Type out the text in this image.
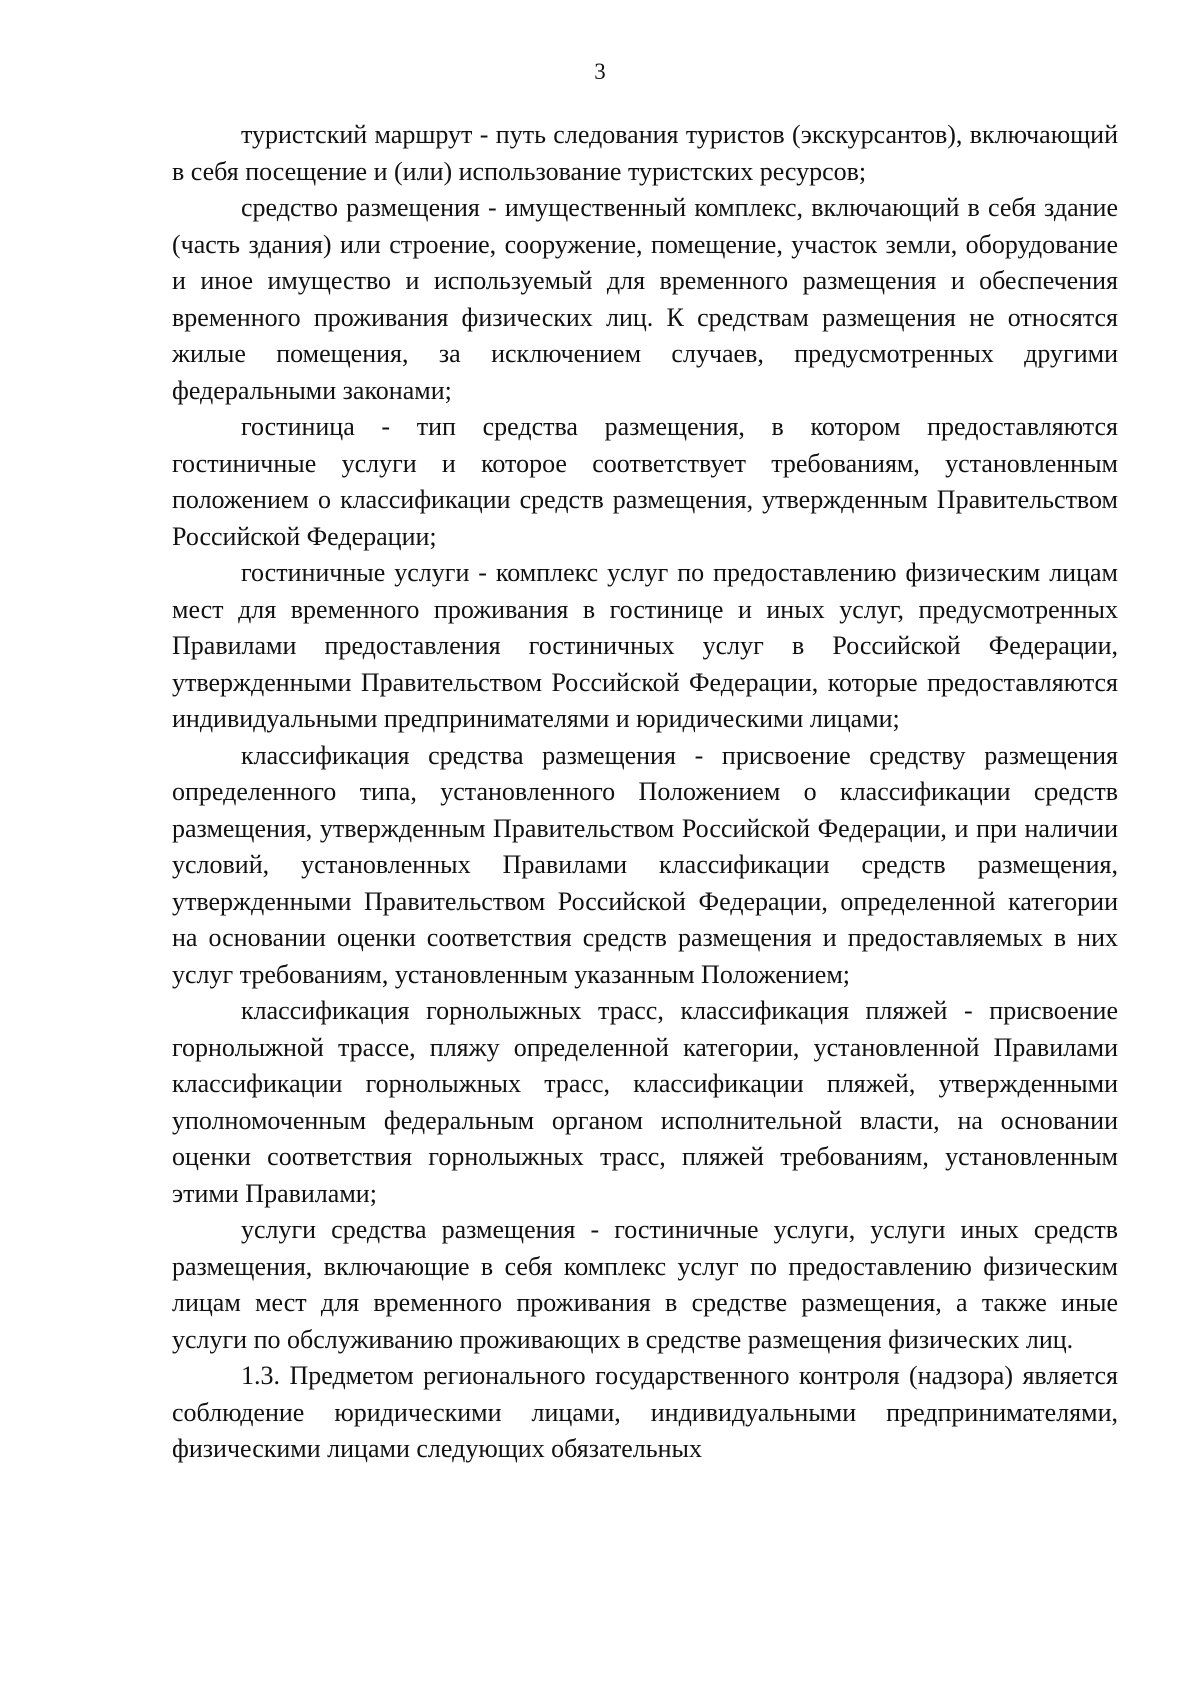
3

туристский маршрут - путь следования туристов (экскурсантов), включающий в себя посещение и (или) использование туристских ресурсов;

средство размещения - имущественный комплекс, включающий в себя здание (часть здания) или строение, сооружение, помещение, участок земли, оборудование и иное имущество и используемый для временного размещения и обеспечения временного проживания физических лиц. К средствам размещения не относятся жилые помещения, за исключением случаев, предусмотренных другими федеральными законами;

гостиница - тип средства размещения, в котором предоставляются гостиничные услуги и которое соответствует требованиям, установленным положением о классификации средств размещения, утвержденным Правительством Российской Федерации;

гостиничные услуги - комплекс услуг по предоставлению физическим лицам мест для временного проживания в гостинице и иных услуг, предусмотренных Правилами предоставления гостиничных услуг в Российской Федерации, утвержденными Правительством Российской Федерации, которые предоставляются индивидуальными предпринимателями и юридическими лицами;

классификация средства размещения - присвоение средству размещения определенного типа, установленного Положением о классификации средств размещения, утвержденным Правительством Российской Федерации, и при наличии условий, установленных Правилами классификации средств размещения, утвержденными Правительством Российской Федерации, определенной категории на основании оценки соответствия средств размещения и предоставляемых в них услуг требованиям, установленным указанным Положением;

классификация горнолыжных трасс, классификация пляжей - присвоение горнолыжной трассе, пляжу определенной категории, установленной Правилами классификации горнолыжных трасс, классификации пляжей, утвержденными уполномоченным федеральным органом исполнительной власти, на основании оценки соответствия горнолыжных трасс, пляжей требованиям, установленным этими Правилами;

услуги средства размещения - гостиничные услуги, услуги иных средств размещения, включающие в себя комплекс услуг по предоставлению физическим лицам мест для временного проживания в средстве размещения, а также иные услуги по обслуживанию проживающих в средстве размещения физических лиц.

1.3. Предметом регионального государственного контроля (надзора) является соблюдение юридическими лицами, индивидуальными предпринимателями, физическими лицами следующих обязательных
